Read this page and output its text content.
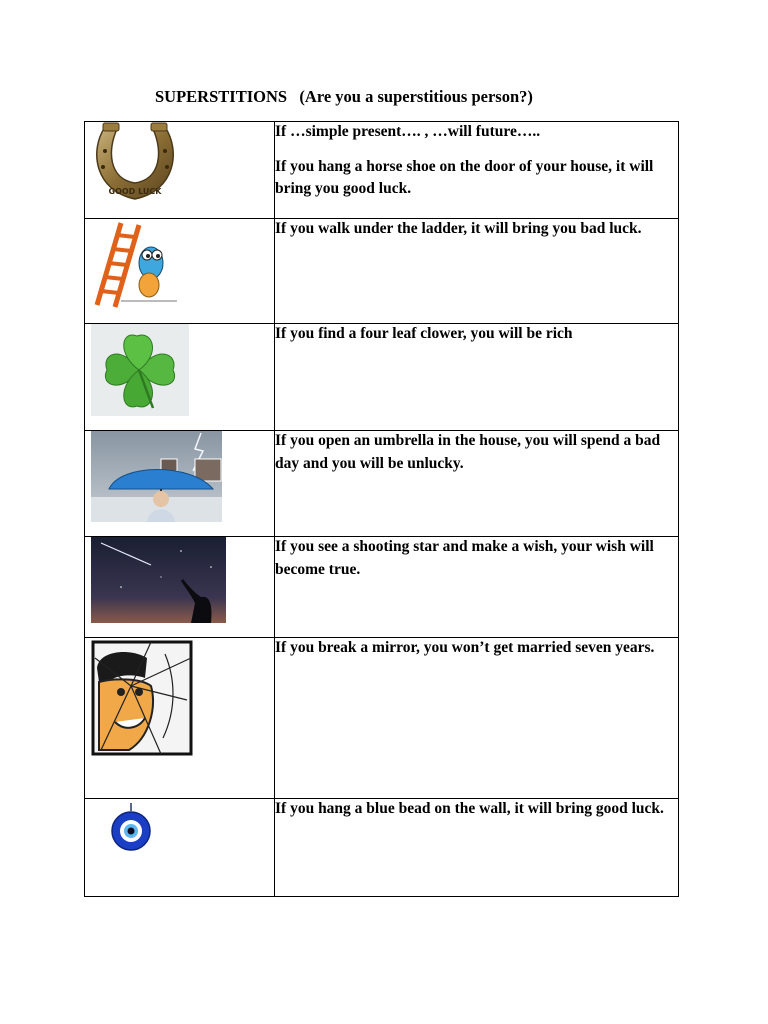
SUPERSTITIONS   (Are you a superstitious person?)
GOOD LUCK	If …simple present…. , …will future…..

If you hang a horse shoe on the door of your house, it will bring you good luck.

If you walk under the ladder, it will bring you bad luck.

If you find a four leaf clower, you will be rich

If you open an umbrella in the house, you will spend a bad day and you will be unlucky.

If you see a shooting star and make a wish, your wish will become true.

If you break a mirror, you won’t get married seven years.

If you hang a blue bead on the wall, it will bring good luck.
